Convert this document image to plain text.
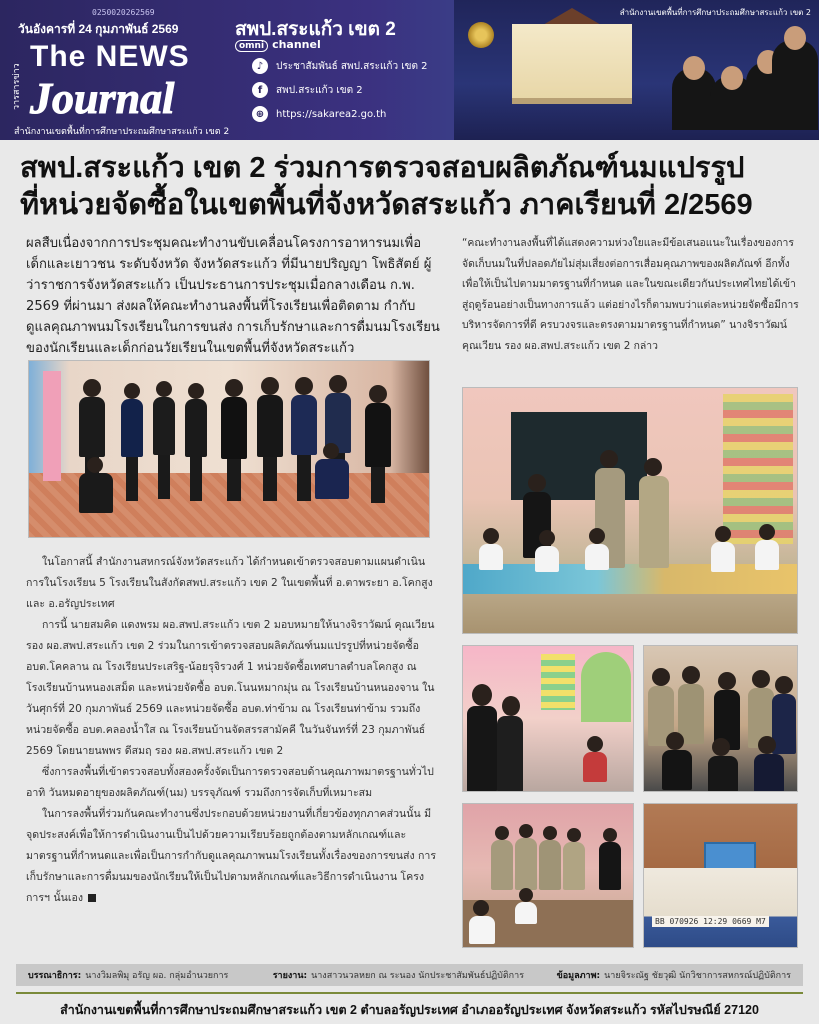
0250020262569
วันอังคารที่ 24 กุมภาพันธ์ 2569
วารสารข่าว
The NEWS
Journal
สำนักงานเขตพื้นที่การศึกษาประถมศึกษาสระแก้ว เขต 2
สพป.สระแก้ว เขต 2
omni channel
♪	ประชาสัมพันธ์ สพป.สระแก้ว เขต 2
f	สพป.สระแก้ว เขต 2
⊕	https://sakarea2.go.th
สำนักงานเขตพื้นที่การศึกษาประถมศึกษาสระแก้ว เขต 2
สพป.สระแก้ว เขต 2 ร่วมการตรวจสอบผลิตภัณฑ์นมแปรรูป
ที่หน่วยจัดซื้อในเขตพื้นที่จังหวัดสระแก้ว ภาคเรียนที่ 2/2569
ผลสืบเนื่องจากการประชุมคณะทำงานขับเคลื่อนโครงการอาหารนมเพื่อเด็กและเยาวชน ระดับจังหวัด จังหวัดสระแก้ว ที่มีนายปริญญา โพธิสัตย์ ผู้ว่าราชการจังหวัดสระแก้ว เป็นประธานการประชุมเมื่อกลางเดือน ก.พ. 2569 ที่ผ่านมา ส่งผลให้คณะทำงานลงพื้นที่โรงเรียนเพื่อติดตาม กำกับดูแลคุณภาพนมโรงเรียนในการขนส่ง การเก็บรักษาและการดื่มนมโรงเรียนของนักเรียนและเด็กก่อนวัยเรียนในเขตพื้นที่จังหวัดสระแก้ว
“คณะทำงานลงพื้นที่ได้แสดงความห่วงใยและมีข้อเสนอแนะในเรื่องของการจัดเก็บนมในที่ปลอดภัยไม่สุ่มเสี่ยงต่อการเสื่อมคุณภาพของผลิตภัณฑ์ อีกทั้งเพื่อให้เป็นไปตามมาตรฐานที่กำหนด และในขณะเดียวกันประเทศไทยได้เข้าสู่ฤดูร้อนอย่างเป็นทางการแล้ว แต่อย่างไรก็ตามพบว่าแต่ละหน่วยจัดซื้อมีการบริหารจัดการที่ดี ครบวงจรและตรงตามมาตรฐานที่กำหนด” นางจิราวัฒน์ คุณเวียน รอง ผอ.สพป.สระแก้ว เขต 2 กล่าว

ในโอกาสนี้ สำนักงานสหกรณ์จังหวัดสระแก้ว ได้กำหนดเข้าตรวจสอบตามแผนดำเนินการในโรงเรียน 5 โรงเรียนในสังกัดสพป.สระแก้ว เขต 2 ในเขตพื้นที่ อ.ตาพระยา อ.โคกสูง และ อ.อรัญประเทศ

การนี้ นายสมคิด แดงพรม ผอ.สพป.สระแก้ว เขต 2 มอบหมายให้นางจิราวัฒน์ คุณเวียน รอง ผอ.สพป.สระแก้ว เขต 2 ร่วมในการเข้าตรวจสอบผลิตภัณฑ์นมแปรรูปที่หน่วยจัดซื้อ อบต.โคคลาน ณ โรงเรียนประเสริฐ-น้อยรุจิรวงศ์ 1 หน่วยจัดซื้อเทศบาลตำบลโคกสูง ณ โรงเรียนบ้านหนองเสม็ด และหน่วยจัดซื้อ อบต.โนนหมากมุ่น ณ โรงเรียนบ้านหนองจาน ในวันศุกร์ที่ 20 กุมภาพันธ์ 2569 และหน่วยจัดซื้อ อบต.ท่าข้าม ณ โรงเรียนท่าข้าม รวมถึงหน่วยจัดซื้อ อบต.คลองน้ำใส ณ โรงเรียนบ้านจัดสรรสามัคคี ในวันจันทร์ที่ 23 กุมภาพันธ์ 2569 โดยนายนพพร ดีสมฤ รอง ผอ.สพป.สระแก้ว เขต 2

ซึ่งการลงพื้นที่เข้าตรวจสอบทั้งสองครั้งจัดเป็นการตรวจสอบด้านคุณภาพมาตรฐานทั่วไป อาทิ วันหมดอายุของผลิตภัณฑ์(นม) บรรจุภัณฑ์ รวมถึงการจัดเก็บที่เหมาะสม

ในการลงพื้นที่ร่วมกันคณะทำงานซึ่งประกอบด้วยหน่วยงานที่เกี่ยวข้องทุกภาคส่วนนั้น มีจุดประสงค์เพื่อให้การดำเนินงานเป็นไปด้วยความเรียบร้อยถูกต้องตามหลักเกณฑ์และมาตรฐานที่กำหนดและเพื่อเป็นการกำกับดูแลคุณภาพนมโรงเรียนทั้งเรื่องของการขนส่ง การเก็บรักษาและการดื่มนมของนักเรียนให้เป็นไปตามหลักเกณฑ์และวิธีการดำเนินงาน โครงการฯ นั้นเอง

BB 070926 12:29 0669 M7
บรรณาธิการ: นางวิมลพิมุ อรัญ ผอ. กลุ่มอำนวยการ	รายงาน: นางสาวนวลหยก ณ ระนอง นักประชาสัมพันธ์ปฏิบัติการ	ข้อมูลภาพ: นายจิระณัฐ ชัยวุฒิ นักวิชาการสหกรณ์ปฏิบัติการ
สำนักงานเขตพื้นที่การศึกษาประถมศึกษาสระแก้ว เขต 2 ตำบลอรัญประเทศ อำเภออรัญประเทศ จังหวัดสระแก้ว รหัสไปรษณีย์ 27120
